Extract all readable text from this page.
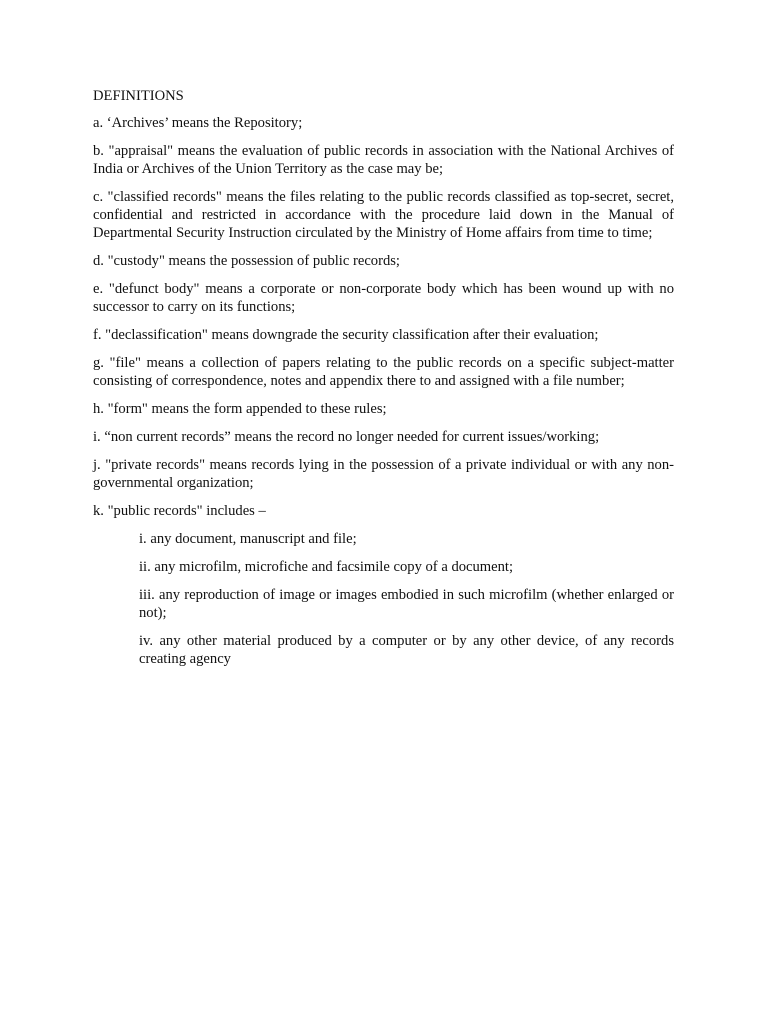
DEFINITIONS

a. ‘Archives’ means the Repository;

b. "appraisal" means the evaluation of public records in association with the National Archives of India or Archives of the Union Territory as the case may be;

c. "classified records" means the files relating to the public records classified as top-secret, secret, confidential and restricted in accordance with the procedure laid down in the Manual of Departmental Security Instruction circulated by the Ministry of Home affairs from time to time;

d. "custody" means the possession of public records;

e. "defunct body" means a corporate or non-corporate body which has been wound up with no successor to carry on its functions;

f. "declassification" means downgrade the security classification after their evaluation;

g. "file" means a collection of papers relating to the public records on a specific subject-matter consisting of correspondence, notes and appendix there to and assigned with a file number;

h. "form" means the form appended to these rules;

i. “non current records” means the record no longer needed for current issues/working;

j. "private records" means records lying in the possession of a private individual or with any non-governmental organization;

k. "public records" includes –

i. any document, manuscript and file;

ii. any microfilm, microfiche and facsimile copy of a document;

iii. any reproduction of image or images embodied in such microfilm (whether enlarged or not);

iv. any other material produced by a computer or by any other device, of any records creating agency
